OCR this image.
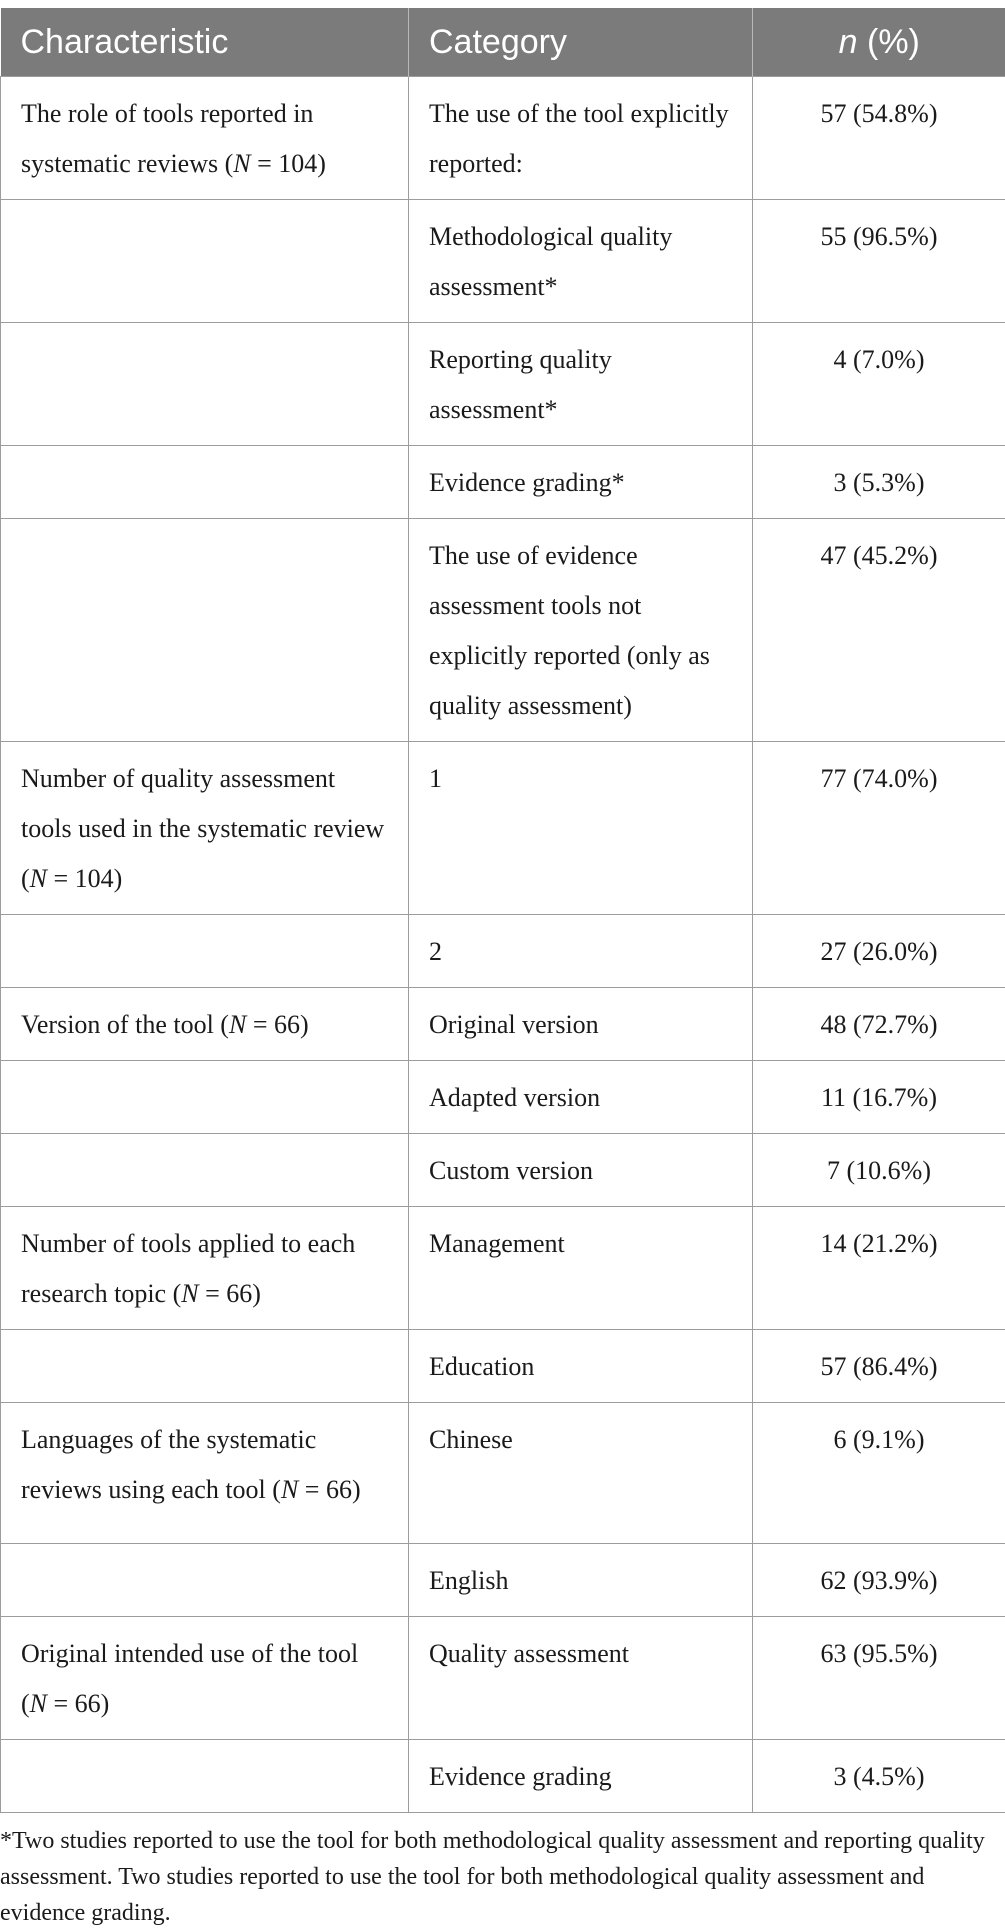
Characteristic	Category	n (%)
The role of tools reported in systematic reviews (N = 104)	The use of the tool explicitly reported:	57 (54.8%)
	Methodological quality assessment*	55 (96.5%)
	Reporting quality assessment*	4 (7.0%)
	Evidence grading*	3 (5.3%)
	The use of evidence assessment tools not explicitly reported (only as quality assessment)	47 (45.2%)
Number of quality assessment tools used in the systematic review (N = 104)	1	77 (74.0%)
	2	27 (26.0%)
Version of the tool (N = 66)	Original version	48 (72.7%)
	Adapted version	11 (16.7%)
	Custom version	7 (10.6%)
Number of tools applied to each research topic (N = 66)	Management	14 (21.2%)
	Education	57 (86.4%)
Languages of the systematic reviews using each tool (N = 66)	Chinese	6 (9.1%)
	English	62 (93.9%)
Original intended use of the tool (N = 66)	Quality assessment	63 (95.5%)
	Evidence grading	3 (4.5%)

*Two studies reported to use the tool for both methodological quality assessment and reporting quality assessment. Two studies reported to use the tool for both methodological quality assessment and evidence grading.
